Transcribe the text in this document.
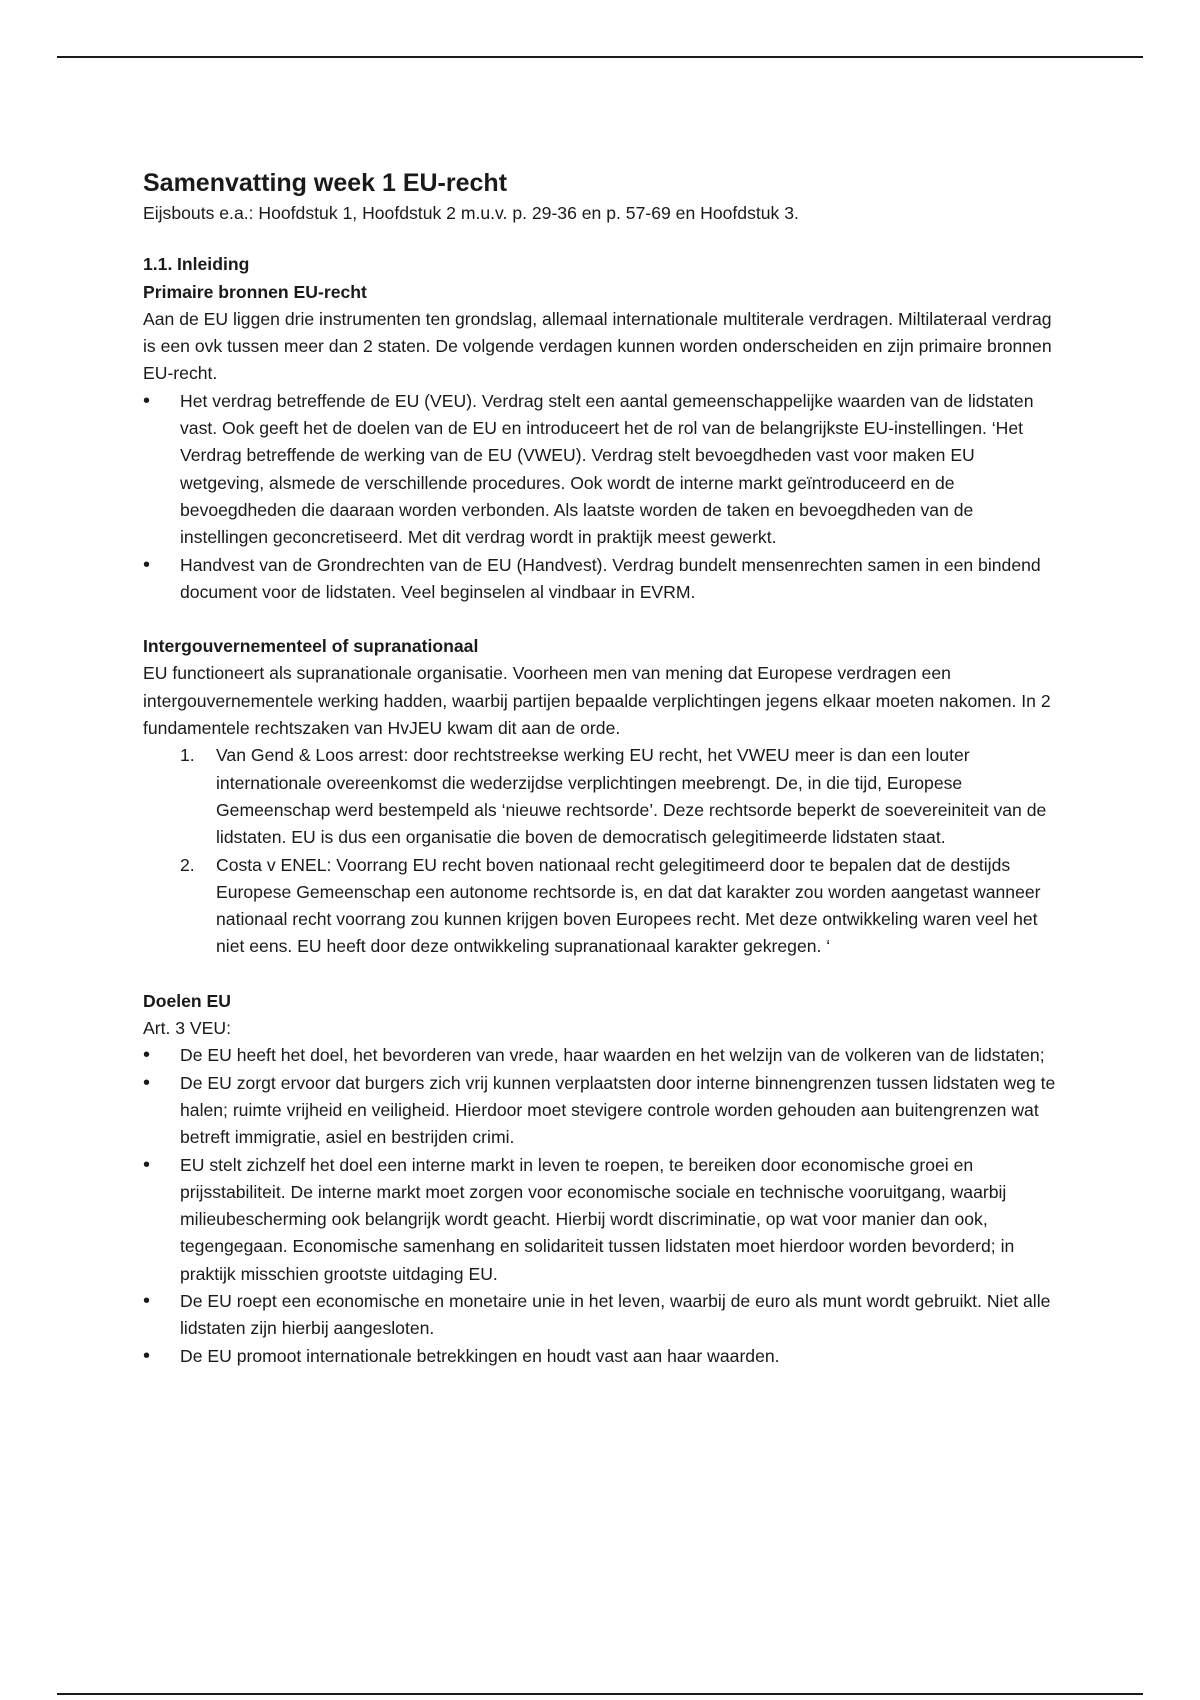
Samenvatting week 1 EU-recht

Eijsbouts e.a.: Hoofdstuk 1, Hoofdstuk 2 m.u.v. p. 29-36 en p. 57-69 en Hoofdstuk 3.

1.1. Inleiding
Primaire bronnen EU-recht

Aan de EU liggen drie instrumenten ten grondslag, allemaal internationale multiterale verdragen. Miltilateraal verdrag is een ovk tussen meer dan 2 staten. De volgende verdagen kunnen worden onderscheiden en zijn primaire bronnen EU-recht.

• Het verdrag betreffende de EU (VEU). Verdrag stelt een aantal gemeenschappelijke waarden van de lidstaten vast. Ook geeft het de doelen van de EU en introduceert het de rol van de belangrijkste EU-instellingen. ‘Het Verdrag betreffende de werking van de EU (VWEU). Verdrag stelt bevoegdheden vast voor maken EU wetgeving, alsmede de verschillende procedures. Ook wordt de interne markt geïntroduceerd en de bevoegdheden die daaraan worden verbonden. Als laatste worden de taken en bevoegdheden van de instellingen geconcretiseerd. Met dit verdrag wordt in praktijk meest gewerkt.
• Handvest van de Grondrechten van de EU (Handvest). Verdrag bundelt mensenrechten samen in een bindend document voor de lidstaten. Veel beginselen al vindbaar in EVRM.
Intergouvernementeel of supranationaal

EU functioneert als supranationale organisatie. Voorheen men van mening dat Europese verdragen een intergouvernementele werking hadden, waarbij partijen bepaalde verplichtingen jegens elkaar moeten nakomen. In 2 fundamentele rechtszaken van HvJEU kwam dit aan de orde.

1. Van Gend & Loos arrest: door rechtstreekse werking EU recht, het VWEU meer is dan een louter internationale overeenkomst die wederzijdse verplichtingen meebrengt. De, in die tijd, Europese Gemeenschap werd bestempeld als ‘nieuwe rechtsorde’. Deze rechtsorde beperkt de soevereiniteit van de lidstaten. EU is dus een organisatie die boven de democratisch gelegitimeerde lidstaten staat.
2. Costa v ENEL: Voorrang EU recht boven nationaal recht gelegitimeerd door te bepalen dat de destijds Europese Gemeenschap een autonome rechtsorde is, en dat dat karakter zou worden aangetast wanneer nationaal recht voorrang zou kunnen krijgen boven Europees recht. Met deze ontwikkeling waren veel het niet eens. EU heeft door deze ontwikkeling supranationaal karakter gekregen. ‘
Doelen EU

Art. 3 VEU:

• De EU heeft het doel, het bevorderen van vrede, haar waarden en het welzijn van de volkeren van de lidstaten;
• De EU zorgt ervoor dat burgers zich vrij kunnen verplaatsten door interne binnengrenzen tussen lidstaten weg te halen; ruimte vrijheid en veiligheid. Hierdoor moet stevigere controle worden gehouden aan buitengrenzen wat betreft immigratie, asiel en bestrijden crimi.
• EU stelt zichzelf het doel een interne markt in leven te roepen, te bereiken door economische groei en prijsstabiliteit. De interne markt moet zorgen voor economische sociale en technische vooruitgang, waarbij milieubescherming ook belangrijk wordt geacht. Hierbij wordt discriminatie, op wat voor manier dan ook, tegengegaan. Economische samenhang en solidariteit tussen lidstaten moet hierdoor worden bevorderd; in praktijk misschien grootste uitdaging EU.
• De EU roept een economische en monetaire unie in het leven, waarbij de euro als munt wordt gebruikt. Niet alle lidstaten zijn hierbij aangesloten.
• De EU promoot internationale betrekkingen en houdt vast aan haar waarden.
